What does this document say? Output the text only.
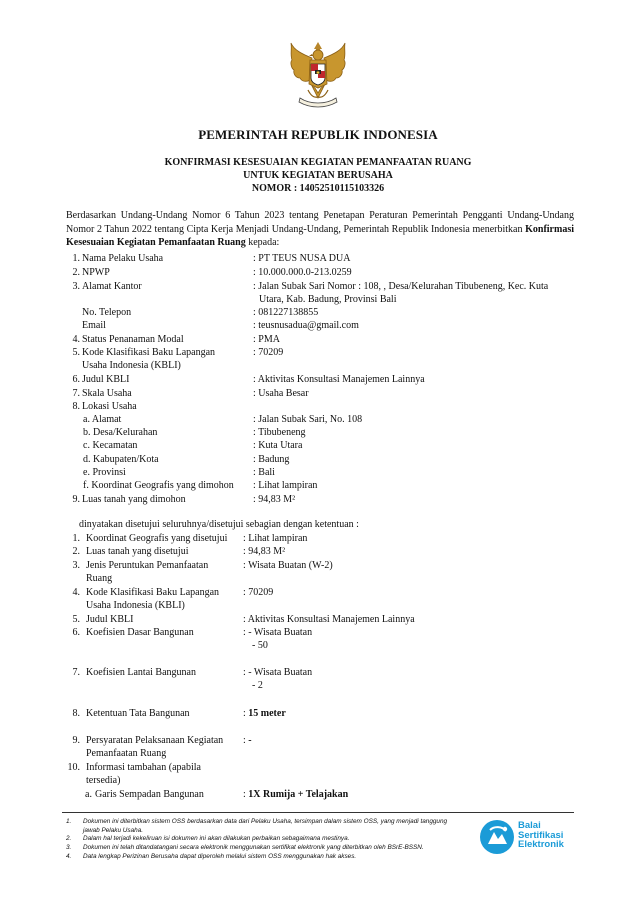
PEMERINTAH REPUBLIK INDONESIA
KONFIRMASI KESESUAIAN KEGIATAN PEMANFAATAN RUANG
UNTUK KEGIATAN BERUSAHA
NOMOR : 14052510115103326
Berdasarkan Undang-Undang Nomor 6 Tahun 2023 tentang Penetapan Peraturan Pemerintah Pengganti Undang-Undang Nomor 2 Tahun 2022 tentang Cipta Kerja Menjadi Undang-Undang, Pemerintah Republik Indonesia menerbitkan Konfirmasi Kesesuaian Kegiatan Pemanfaatan Ruang kepada:
1. Nama Pelaku Usaha	: PT TEUS NUSA DUA
2. NPWP	: 10.000.000.0-213.0259
3. Alamat Kantor	: Jalan Subak Sari Nomor : 108, , Desa/Kelurahan Tibubeneng, Kec. Kuta
Utara, Kab. Badung, Provinsi Bali
No. Telepon	: 081227138855
Email	: teusnusadua@gmail.com
4. Status Penanaman Modal	: PMA
5. Kode Klasifikasi Baku Lapangan
Usaha Indonesia (KBLI)
: 70209
6. Judul KBLI	: Aktivitas Konsultasi Manajemen Lainnya
7. Skala Usaha	: Usaha Besar
8. Lokasi Usaha
a. Alamat	: Jalan Subak Sari, No. 108
b. Desa/Kelurahan	: Tibubeneng
c. Kecamatan	: Kuta Utara
d. Kabupaten/Kota	: Badung
e. Provinsi	: Bali
f. Koordinat Geografis yang dimohon : Lihat lampiran
9. Luas tanah yang dimohon	: 94,83 M²
dinyatakan disetujui seluruhnya/disetujui sebagian dengan ketentuan :
1. Koordinat Geografis yang disetujui : Lihat lampiran
2. Luas tanah yang disetujui	: 94,83 M²
3. Jenis Peruntukan Pemanfaatan
Ruang
: Wisata Buatan (W-2)
4. Kode Klasifikasi Baku Lapangan
Usaha Indonesia (KBLI)
: 70209
5. Judul KBLI	: Aktivitas Konsultasi Manajemen Lainnya
6. Koefisien Dasar Bangunan	: - Wisata Buatan
- 50
7. Koefisien Lantai Bangunan	: - Wisata Buatan
- 2
8. Ketentuan Tata Bangunan	: 15 meter
9. Persyaratan Pelaksanaan Kegiatan
Pemanfaatan Ruang
: -
10. Informasi tambahan (apabila
tersedia)
a. Garis Sempadan Bangunan	: 1X Rumija + Telajakan
1.	Dokumen ini diterbitkan sistem OSS berdasarkan data dari Pelaku Usaha, tersimpan dalam sistem OSS, yang menjadi tanggung
jawab Pelaku Usaha.
2.	Dalam hal terjadi kekeliruan isi dokumen ini akan dilakukan perbaikan sebagaimana mestinya.
3.	Dokumen ini telah ditandatangani secara elektronik menggunakan sertifikat elektronik yang diterbitkan oleh BSrE-BSSN.
4.	Data lengkap Perizinan Berusaha dapat diperoleh melalui sistem OSS menggunakan hak akses.
Balai
Sertifikasi
Elektronik
